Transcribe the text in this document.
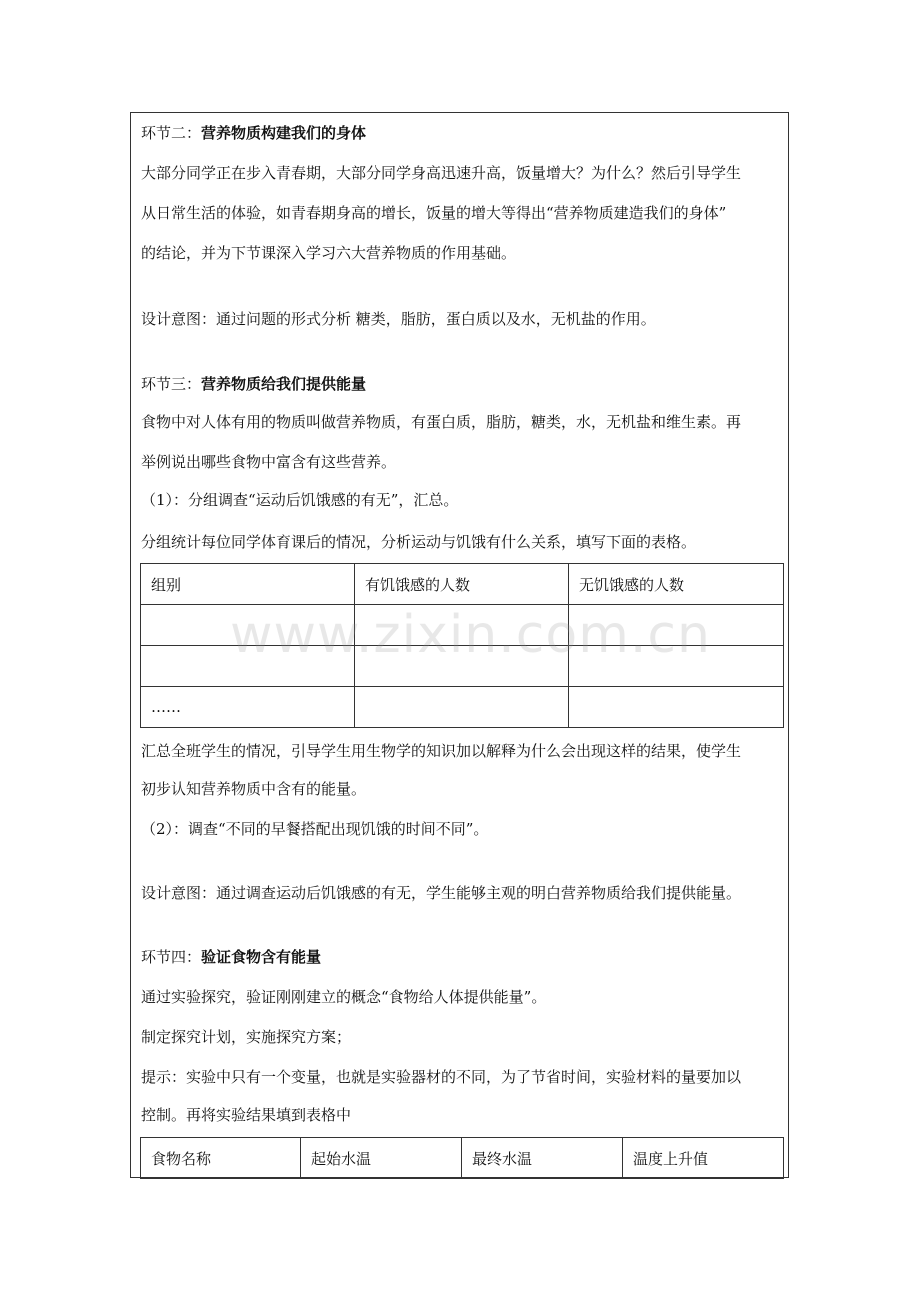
环节二：营养物质构建我们的身体
大部分同学正在步入青春期，大部分同学身高迅速升高，饭量增大？为什么？然后引导学生
从日常生活的体验，如青春期身高的增长，饭量的增大等得出“营养物质建造我们的身体”
的结论，并为下节课深入学习六大营养物质的作用基础。
设计意图：通过问题的形式分析 糖类，脂肪，蛋白质以及水，无机盐的作用。
环节三：营养物质给我们提供能量
食物中对人体有用的物质叫做营养物质，有蛋白质，脂肪，糖类，水，无机盐和维生素。再
举例说出哪些食物中富含有这些营养。
（1）：分组调查“运动后饥饿感的有无”，汇总。
分组统计每位同学体育课后的情况，分析运动与饥饿有什么关系，填写下面的表格。
组别	有饥饿感的人数	无饥饿感的人数

……		
汇总全班学生的情况，引导学生用生物学的知识加以解释为什么会出现这样的结果，使学生
初步认知营养物质中含有的能量。
（2）：调查“不同的早餐搭配出现饥饿的时间不同”。
设计意图：通过调查运动后饥饿感的有无，学生能够主观的明白营养物质给我们提供能量。
环节四：验证食物含有能量
通过实验探究，验证刚刚建立的概念“食物给人体提供能量”。
制定探究计划，实施探究方案；
提示：实验中只有一个变量，也就是实验器材的不同，为了节省时间，实验材料的量要加以
控制。再将实验结果填到表格中
食物名称	起始水温	最终水温	温度上升值
www.zixin.com.cn
